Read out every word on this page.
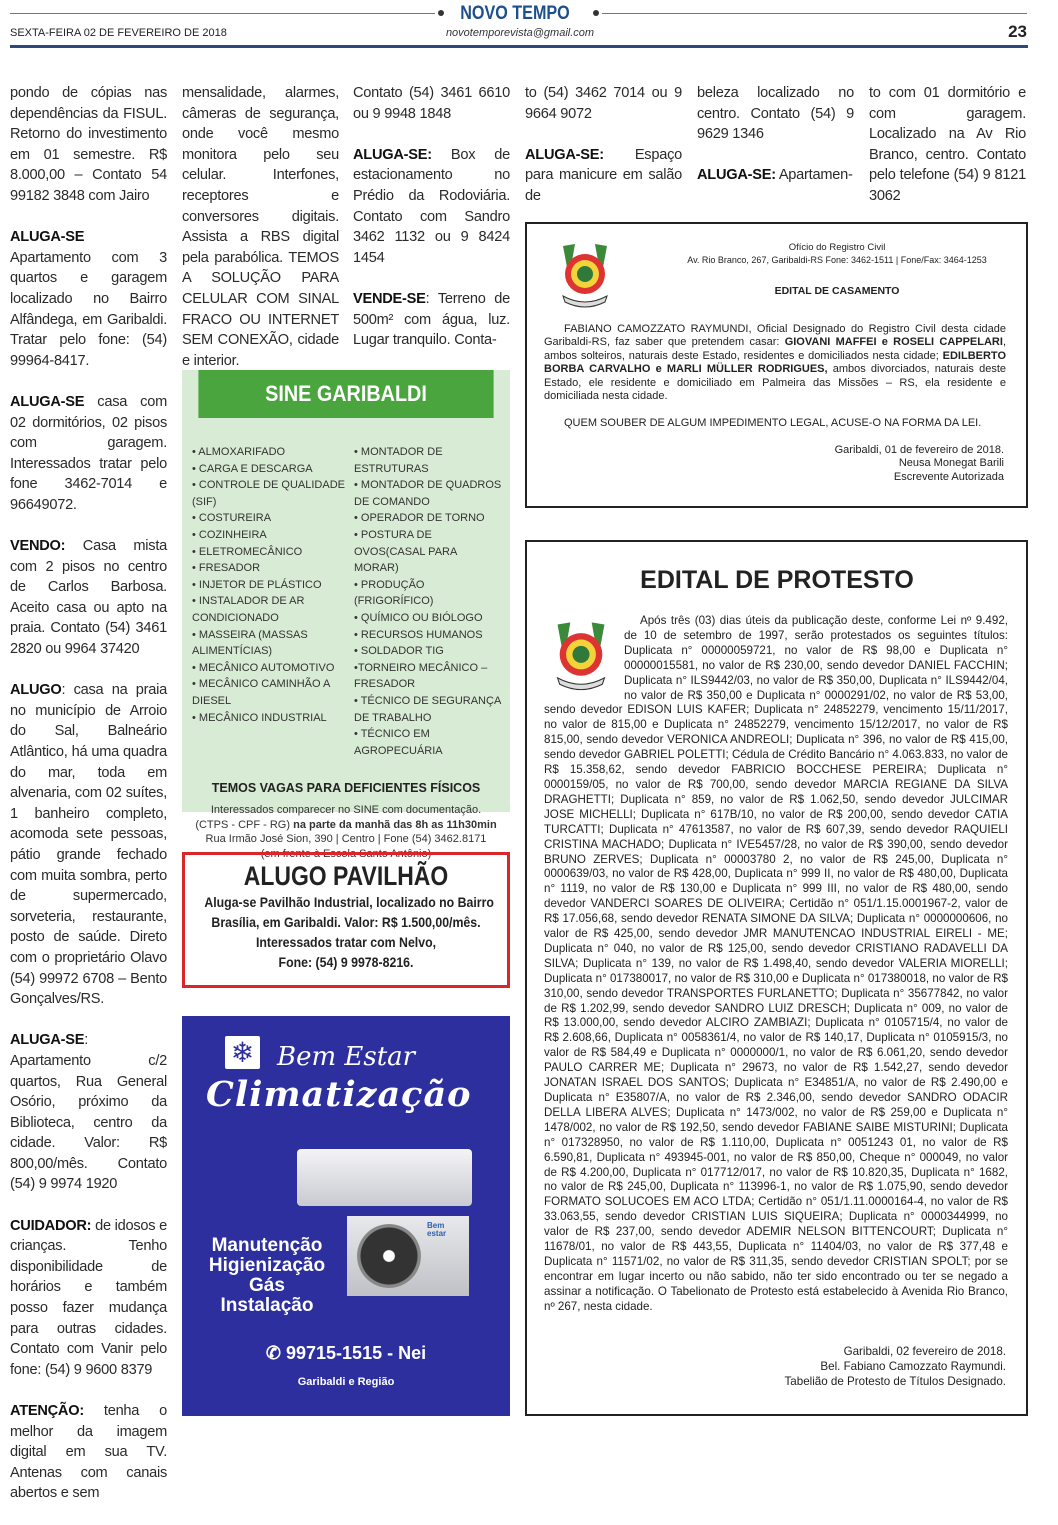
NOVO TEMPO
SEXTA-FEIRA 02 DE FEVEREIRO DE 2018	novotemporevista@gmail.com	23

pondo de cópias nas dependências da FISUL. Retorno do investimento em 01 semestre. R$ 8.000,00 – Contato 54 99182 3848 com Jairo

ALUGA-SE Apartamento com 3 quartos e garagem localizado no Bairro Alfândega, em Garibaldi. Tratar pelo fone: (54) 99964-8417.

ALUGA-SE casa com 02 dormitórios, 02 pisos com garagem. Interessados tratar pelo fone 3462-7014 e 96649072.

VENDO: Casa mista com 2 pisos no centro de Carlos Barbosa. Aceito casa ou apto na praia. Contato (54) 3461 2820 ou 9964 37420

ALUGO: casa na praia no município de Arroio do Sal, Balneário Atlântico, há uma quadra do mar, toda em alvenaria, com 02 suítes, 1 banheiro completo, acomoda sete pessoas, pátio grande fechado com muita sombra, perto de supermercado, sorveteria, restaurante, posto de saúde. Direto com o proprietário Olavo (54) 99972 6708 – Bento Gonçalves/RS.

ALUGA-SE: Apartamento c/2 quartos, Rua General Osório, próximo da Biblioteca, centro da cidade. Valor: R$ 800,00/mês. Contato (54) 9 9974 1920

CUIDADOR: de idosos e crianças. Tenho disponibilidade de horários e também posso fazer mudança para outras cidades. Contato com Vanir pelo fone: (54) 9 9600 8379

ATENÇÃO: tenha o melhor da imagem digital em sua TV. Antenas com canais abertos e sem

mensalidade, alarmes, câmeras de segurança, onde você mesmo monitora pelo seu celular. Interfones, receptores e conversores digitais. Assista a RBS digital pela parabólica. TEMOS A SOLUÇÃO PARA CELULAR COM SINAL FRACO OU INTERNET SEM CONEXÃO, cidade e interior.

Contato (54) 3461 6610 ou 9 9948 1848

ALUGA-SE: Box de estacionamento no Prédio da Rodoviária. Contato com Sandro 3462 1132 ou 9 8424 1454

VENDE-SE: Terreno de 500m² com água, luz. Lugar tranquilo. Conta-

to (54) 3462 7014 ou 9 9664 9072

ALUGA-SE: Espaço para manicure em salão de

beleza localizado no centro. Contato (54) 9 9629 1346

ALUGA-SE: Apartamen-

to com 01 dormitório e com garagem. Localizado na Av Rio Branco, centro. Contato pelo telefone (54) 9 8121 3062

SINE GARIBALDI
• ALMOXARIFADO
• CARGA E DESCARGA
• CONTROLE DE QUALIDADE (SIF)
• COSTUREIRA
• COZINHEIRA
• ELETROMECÂNICO
• FRESADOR
• INJETOR DE PLÁSTICO
• INSTALADOR DE AR CONDICIONADO
• MASSEIRA (MASSAS ALIMENTÍCIAS)
• MECÂNICO AUTOMOTIVO
• MECÂNICO CAMINHÃO A DIESEL
• MECÂNICO INDUSTRIAL
• MONTADOR DE ESTRUTURAS
• MONTADOR DE QUADROS DE COMANDO
• OPERADOR DE TORNO
• POSTURA DE OVOS(CASAL PARA MORAR)
• PRODUÇÃO (FRIGORÍFICO)
• QUÍMICO OU BIÓLOGO
• RECURSOS HUMANOS
• SOLDADOR TIG
•TORNEIRO MECÂNICO – FRESADOR
• TÉCNICO DE SEGURANÇA DE TRABALHO
• TÉCNICO EM AGROPECUÁRIA
TEMOS VAGAS PARA DEFICIENTES FÍSICOS
Interessados comparecer no SINE com documentação.
(CTPS - CPF - RG) na parte da manhã das 8h as 11h30min
Rua Irmão José Sion, 390 | Centro | Fone (54) 3462.8171
(em frente à Escola Santo Antônio)
ALUGO PAVILHÃO
Aluga-se Pavilhão Industrial, localizado no Bairro
Brasília, em Garibaldi. Valor: R$ 1.500,00/mês.
Interessados tratar com Nelvo,
Fone: (54) 9 9978-8216.
❄ Bem Estar
Climatização
Bem estar
Manutenção
Higienização
Gás
Instalação
✆ 99715-1515 - Nei
Garibaldi e Região
Ofício do Registro Civil
Av. Rio Branco, 267, Garibaldi-RS Fone: 3462-1511 | Fone/Fax: 3464-1253
EDITAL DE CASAMENTO
FABIANO CAMOZZATO RAYMUNDI, Oficial Designado do Registro Civil desta cidade Garibaldi-RS, faz saber que pretendem casar: GIOVANI MAFFEI e ROSELI CAPPELARI, ambos solteiros, naturais deste Estado, residentes e domiciliados nesta cidade; EDILBERTO BORBA CARVALHO e MARLI MÜLLER RODRIGUES, ambos divorciados, naturais deste Estado, ele residente e domiciliado em Palmeira das Missões – RS, ela residente e domiciliada nesta cidade.
QUEM SOUBER DE ALGUM IMPEDIMENTO LEGAL, ACUSE-O NA FORMA DA LEI.
Garibaldi, 01 de fevereiro de 2018.
Neusa Monegat Barili
Escrevente Autorizada
EDITAL DE PROTESTO
Após três (03) dias úteis da publicação deste, conforme Lei nº 9.492, de 10 de setembro de 1997, serão protestados os seguintes títulos: Duplicata n° 00000059721, no valor de R$ 98,00 e Duplicata n° 00000015581, no valor de R$ 230,00, sendo devedor DANIEL FACCHIN; Duplicata n° ILS9442/03, no valor de R$ 350,00, Duplicata n° ILS9442/04, no valor de R$ 350,00 e Duplicata n° 0000291/02, no valor de R$ 53,00, sendo devedor EDISON LUIS KAFER; Duplicata n° 24852279, vencimento 15/11/2017, no valor de 815,00 e Duplicata n° 24852279, vencimento 15/12/2017, no valor de R$ 815,00, sendo devedor VERONICA ANDREOLI; Duplicata n° 396, no valor de R$ 415,00, sendo devedor GABRIEL POLETTI; Cédula de Crédito Bancário n° 4.063.833, no valor de R$ 15.358,62, sendo devedor FABRICIO BOCCHESE PEREIRA; Duplicata n° 0000159/05, no valor de R$ 700,00, sendo devedor MARCIA REGIANE DA SILVA DRAGHETTI; Duplicata n° 859, no valor de R$ 1.062,50, sendo devedor JULCIMAR JOSE MICHELLI; Duplicata n° 617B/10, no valor de R$ 200,00, sendo devedor CATIA TURCATTI; Duplicata n° 47613587, no valor de R$ 607,39, sendo devedor RAQUIELI CRISTINA MACHADO; Duplicata n° IVE5457/28, no valor de R$ 390,00, sendo devedor BRUNO ZERVES; Duplicata n° 00003780 2, no valor de R$ 245,00, Duplicata n° 0000639/03, no valor de R$ 428,00, Duplicata n° 999 II, no valor de R$ 480,00, Duplicata n° 1119, no valor de R$ 130,00 e Duplicata n° 999 III, no valor de R$ 480,00, sendo devedor VANDERCI SOARES DE OLIVEIRA; Certidão n° 051/1.15.0001967-2, valor de R$ 17.056,68, sendo devedor RENATA SIMONE DA SILVA; Duplicata n° 0000000606, no valor de R$ 425,00, sendo devedor JMR MANUTENCAO INDUSTRIAL EIRELI - ME; Duplicata n° 040, no valor de R$ 125,00, sendo devedor CRISTIANO RADAVELLI DA SILVA; Duplicata n° 139, no valor de R$ 1.498,40, sendo devedor VALERIA MIORELLI; Duplicata n° 017380017, no valor de R$ 310,00 e Duplicata n° 017380018, no valor de R$ 310,00, sendo devedor TRANSPORTES FURLANETTO; Duplicata n° 35677842, no valor de R$ 1.202,99, sendo devedor SANDRO LUIZ DRESCH; Duplicata n° 009, no valor de R$ 13.000,00, sendo devedor ALCIRO ZAMBIAZI; Duplicata n° 0105715/4, no valor de R$ 2.608,66, Duplicata n° 0058361/4, no valor de R$ 140,17, Duplicata n° 0105915/3, no valor de R$ 584,49 e Duplicata n° 0000000/1, no valor de R$ 6.061,20, sendo devedor PAULO CARRER ME; Duplicata n° 29673, no valor de R$ 1.542,27, sendo devedor JONATAN ISRAEL DOS SANTOS; Duplicata n° E34851/A, no valor de R$ 2.490,00 e Duplicata n° E35807/A, no valor de R$ 2.346,00, sendo devedor SANDRO ODACIR DELLA LIBERA ALVES; Duplicata n° 1473/002, no valor de R$ 259,00 e Duplicata n° 1478/002, no valor de R$ 192,50, sendo devedor FABIANE SAIBE MISTURINI; Duplicata n° 017328950, no valor de R$ 1.110,00, Duplicata n° 0051243 01, no valor de R$ 6.590,81, Duplicata n° 493945-001, no valor de R$ 850,00, Cheque n° 000049, no valor de R$ 4.200,00, Duplicata n° 017712/017, no valor de R$ 10.820,35, Duplicata n° 1682, no valor de R$ 245,00, Duplicata n° 113996-1, no valor de R$ 1.075,90, sendo devedor FORMATO SOLUCOES EM ACO LTDA; Certidão n° 051/1.11.0000164-4, no valor de R$ 33.063,55, sendo devedor CRISTIAN LUIS SIQUEIRA; Duplicata n° 0000344999, no valor de R$ 237,00, sendo devedor ADEMIR NELSON BITTENCOURT; Duplicata n° 11678/01, no valor de R$ 443,55, Duplicata n° 11404/03, no valor de R$ 377,48 e Duplicata n° 11571/02, no valor de R$ 311,35, sendo devedor CRISTIAN SPOLT; por se encontrar em lugar incerto ou não sabido, não ter sido encontrado ou ter se negado a assinar a notificação. O Tabelionato de Protesto está estabelecido à Avenida Rio Branco, nº 267, nesta cidade.
Garibaldi, 02 fevereiro de 2018.
Bel. Fabiano Camozzato Raymundi.
Tabelião de Protesto de Títulos Designado.
